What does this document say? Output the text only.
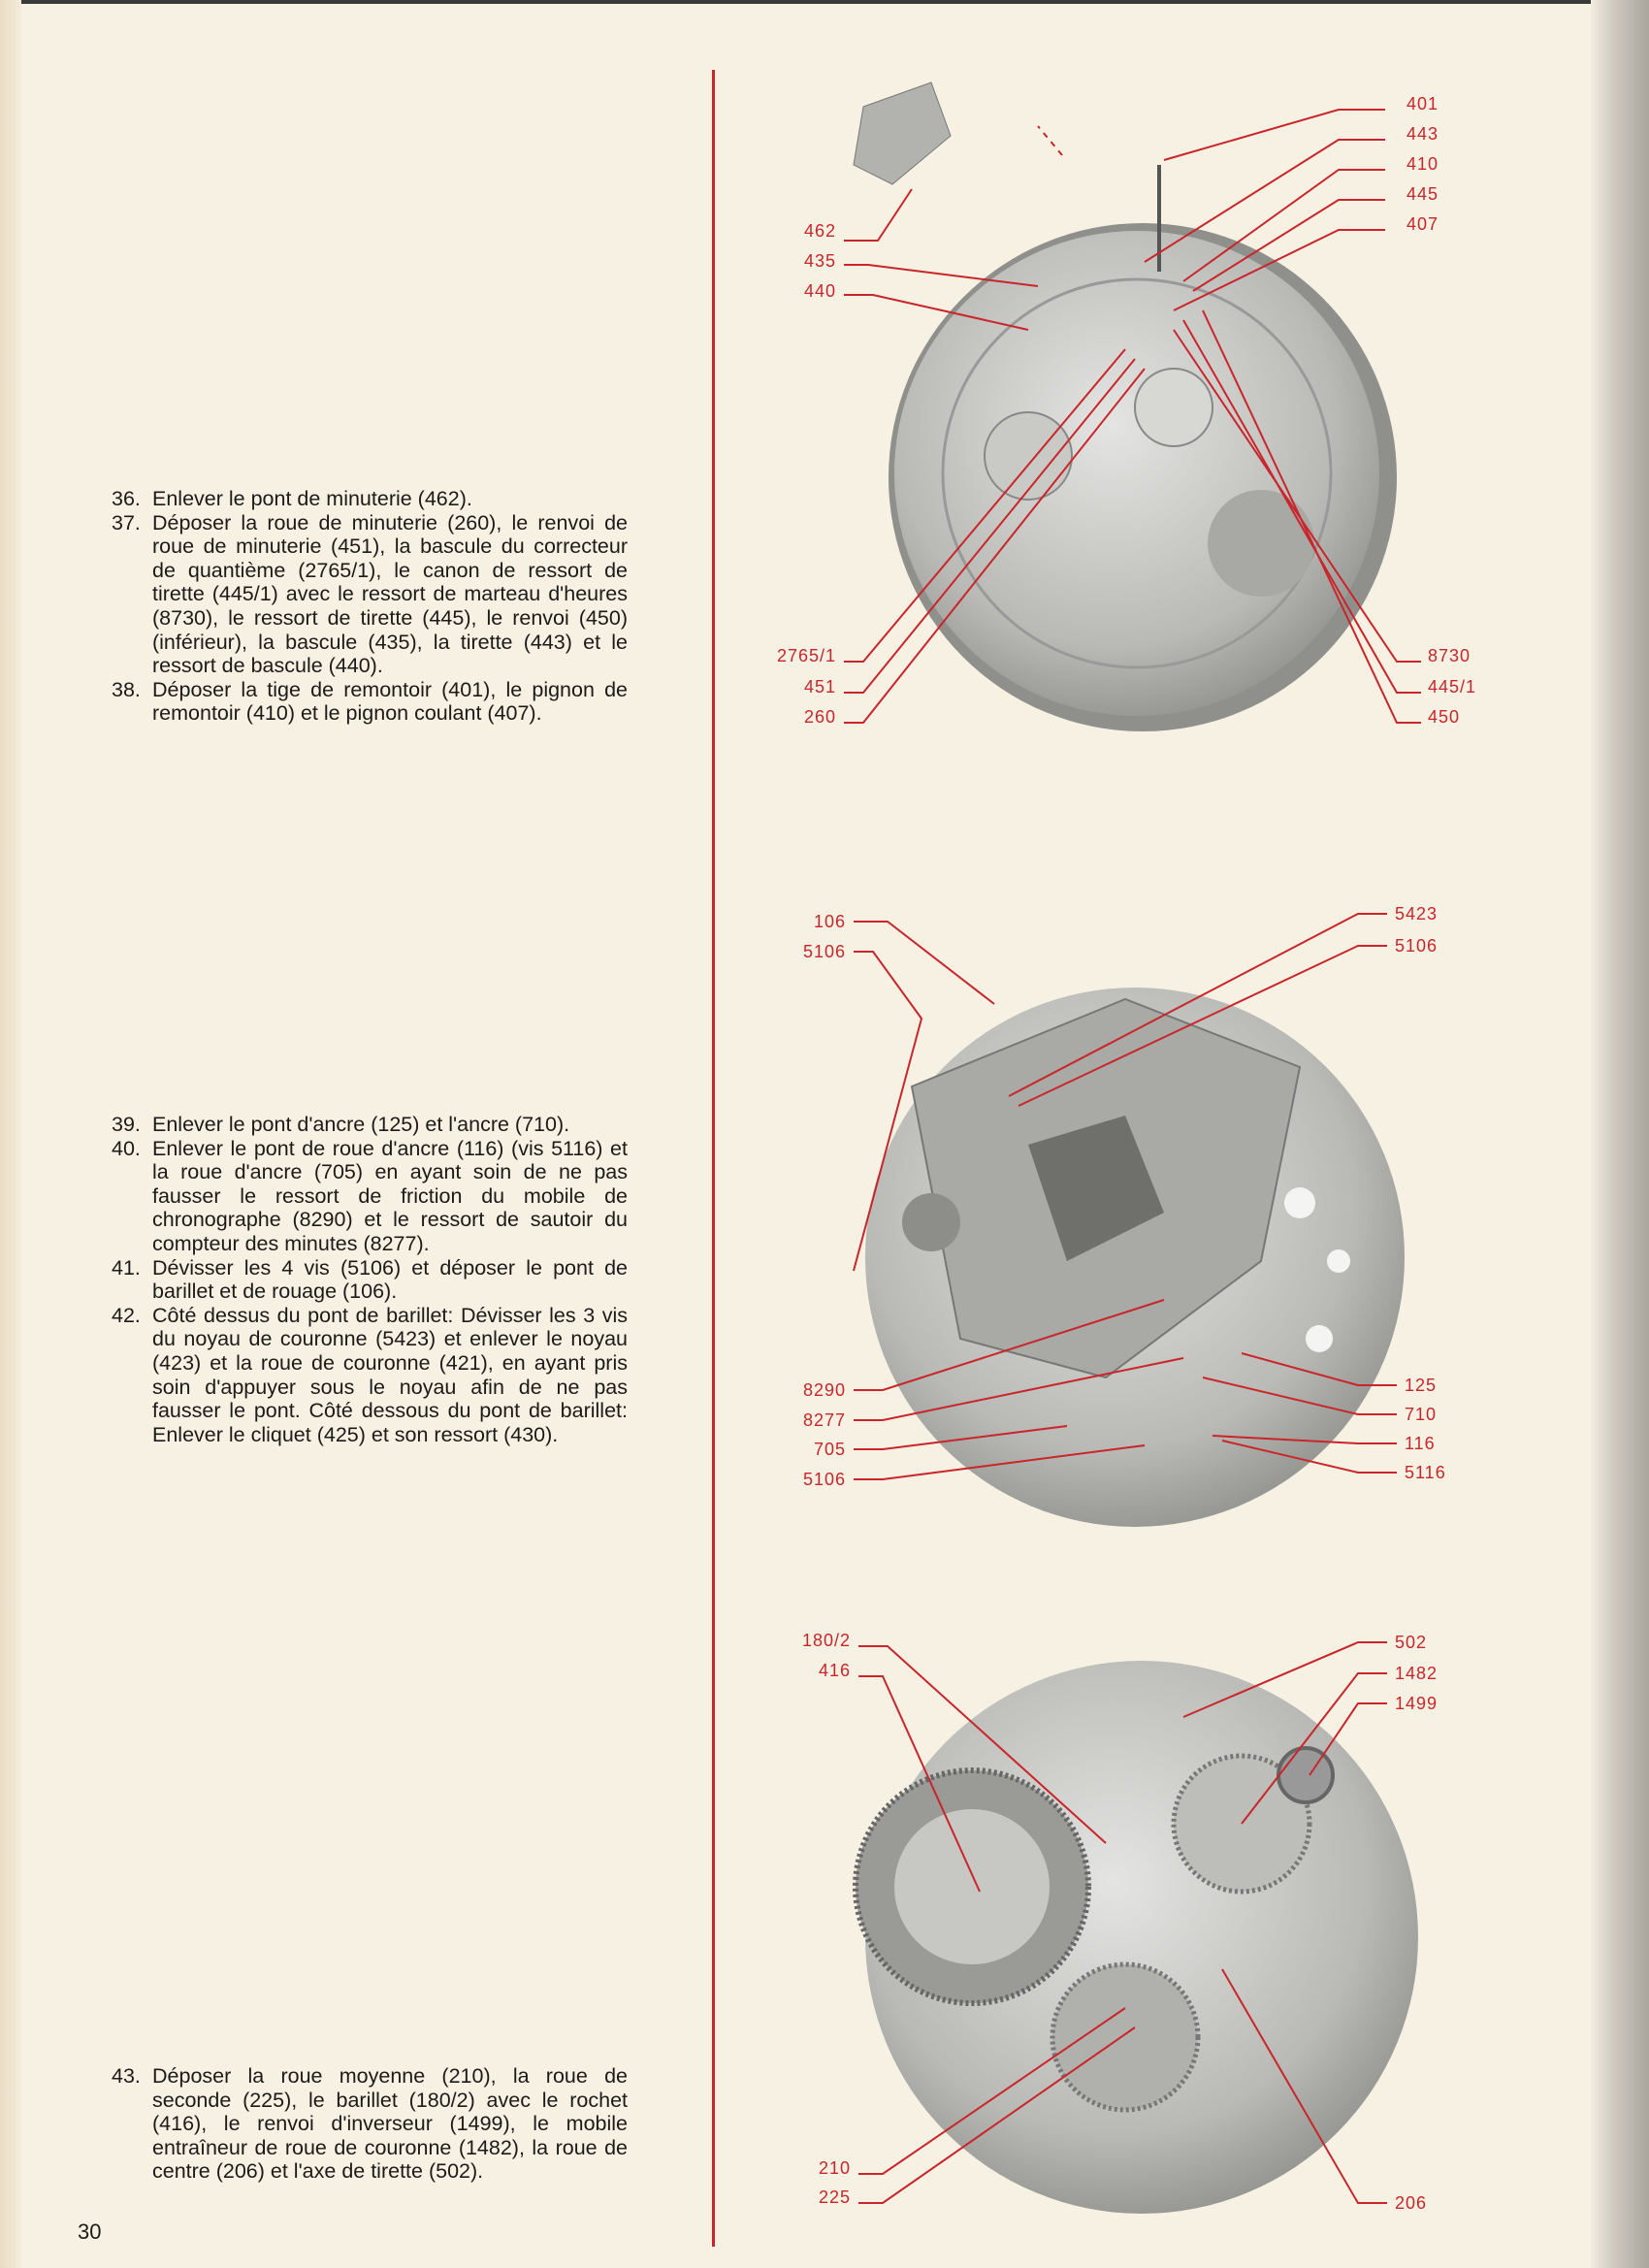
36. Enlever le pont de minuterie (462).
37. Déposer la roue de minuterie (260), le renvoi de roue de minuterie (451), la bascule du correcteur de quantième (2765/1), le canon de ressort de tirette (445/1) avec le ressort de marteau d'heures (8730), le ressort de tirette (445), le renvoi (450) (inférieur), la bascule (435), la tirette (443) et le ressort de bascule (440).
38. Déposer la tige de remontoir (401), le pignon de remontoir (410) et le pignon coulant (407).
39. Enlever le pont d'ancre (125) et l'ancre (710).
40. Enlever le pont de roue d'ancre (116) (vis 5116) et la roue d'ancre (705) en ayant soin de ne pas fausser le ressort de friction du mobile de chronographe (8290) et le ressort de sautoir du compteur des minutes (8277).
41. Dévisser les 4 vis (5106) et déposer le pont de barillet et de rouage (106).
42. Côté dessus du pont de barillet: Dévisser les 3 vis du noyau de couronne (5423) et enlever le noyau (423) et la roue de couronne (421), en ayant pris soin d'appuyer sous le noyau afin de ne pas fausser le pont. Côté dessous du pont de barillet: Enlever le cliquet (425) et son ressort (430).
43. Déposer la roue moyenne (210), la roue de seconde (225), le barillet (180/2) avec le rochet (416), le renvoi d'inverseur (1499), le mobile entraîneur de roue de couronne (1482), la roue de centre (206) et l'axe de tirette (502).
30
401
443
410
445
407
462
435
440
2765/1
451
260
8730
445/1
450
106
5106
5423
5106
8290
8277
705
5106
125
710
116
5116
180/2
416
502
1482
1499
210
225	206
